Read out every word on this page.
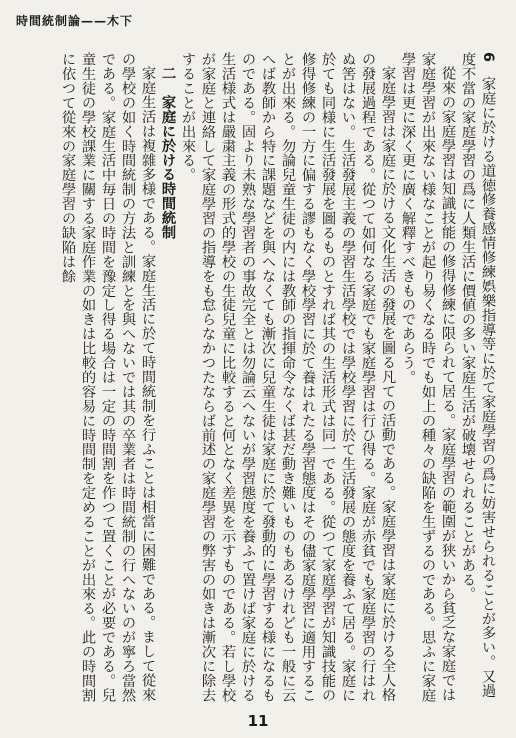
時間統制論——木下

6　家庭に於ける道徳修養感情修練娯樂指導等に於て家庭學習の爲に妨害せられることが多い。又過度不當の家庭學習の爲に人類生活に價値の多い家庭生活が破壊せられることがある。

從來の家庭學習は知識技能の修得修練に限られて居る。家庭學習の範圍が狭いから貧乏な家庭では家庭學習が出來ない様なことが起り易くなる時でも如上の種々の缺陥を生ずるのである。思ふに家庭學習は更に深く更に廣く解釋すべきものであらう。

家庭學習は家庭に於ける文化生活の發展を圖る凡ての活動である。家庭學習は家庭に於ける全人格の發展過程である。從つて如何なる家庭でも家庭學習は行ひ得る。家庭が赤貧でも家庭學習の行はれぬ筈はない。生活發展主義の學習生活學校では學校學習に於て生活發展の態度を養ふて居る。家庭に於ても同様に生活發展を圖るものとすれば其の生活形式は同一である。從つて家庭學習が知識技能の修得修練の一方に偏する謬もなく學校學習に於て養はれたる學習態度はその儘家庭學習に適用することが出來る。勿論兒童生徒の内には教師の指揮命令なくば甚だ動き難いものもあるけれども一般に云へば教師から特に課題などを與へなくても漸次に兒童生徒は家庭に於て發動的に學習する様になるものである。固より未熟な學習者の事故完全とは勿論云へないが學習態度を養ふて置けば家庭に於ける生活様式は嚴粛主義の形式的學校の生徒兒童に比較すると何となく差異を示すものである。若し學校が家庭と連絡して家庭學習の指導をも怠らなかつたならば前述の家庭學習の弊害の如きは漸次に除去することが出來る。

二　家庭に於ける時間統制

家庭生活は複雜多様である。家庭生活に於て時間統制を行ふことは相當に困難である。まして從來の學校の如く時間統制の方法と訓練とを與へないでは其の卒業者は時間統制の行へないのが寧ろ當然である。家庭生活中毎日の時間を豫定し得る場合は一定の時間割を作つて置くことが必要である。兒童生徒の學校課業に關する家庭作業の如きは比較的容易に時間制を定めることが出來る。此の時間割に依つて從來の家庭學習の缺陥は餘

11
